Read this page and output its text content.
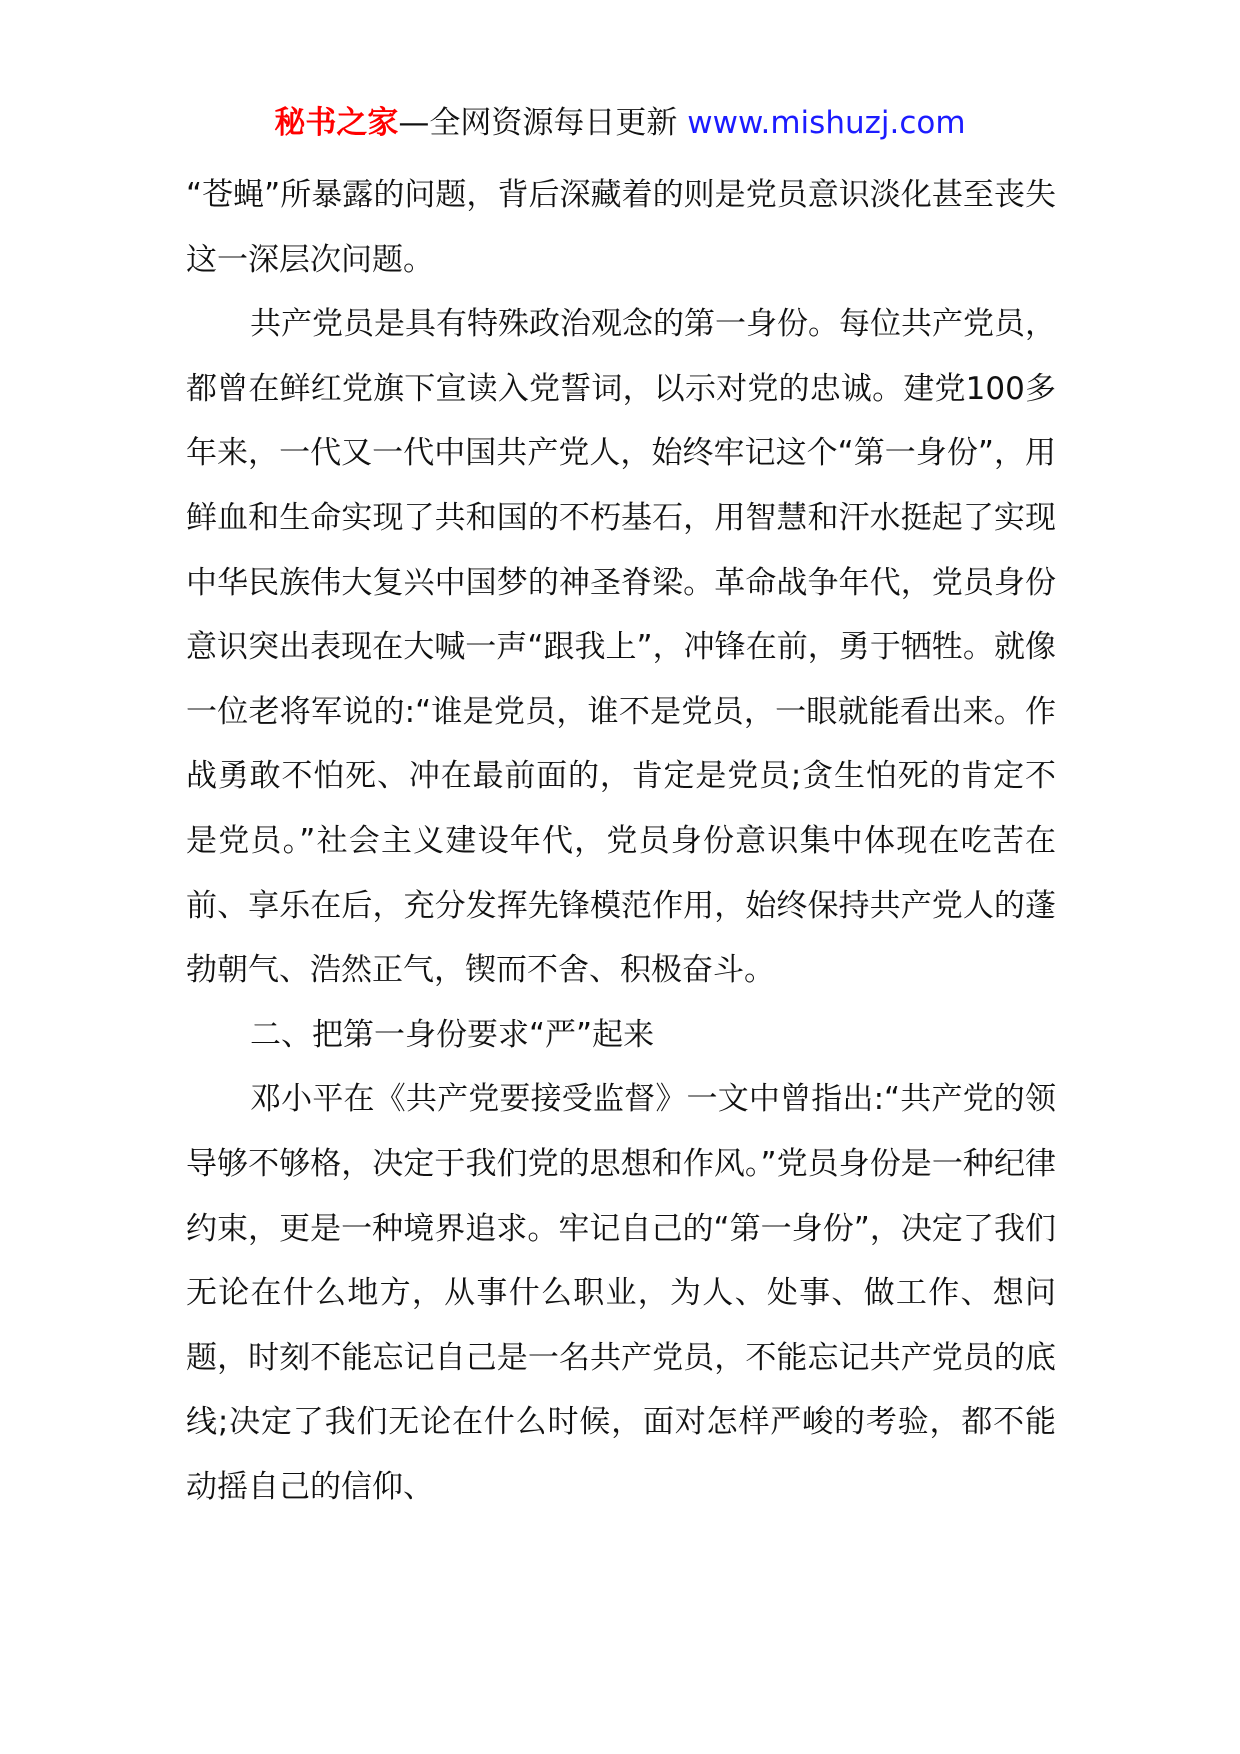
秘书之家—全网资源每日更新 www.mishuzj.com

“苍蝇”所暴露的问题，背后深藏着的则是党员意识淡化甚至丧失这一深层次问题。

共产党员是具有特殊政治观念的第一身份。每位共产党员，都曾在鲜红党旗下宣读入党誓词，以示对党的忠诚。建党100多年来，一代又一代中国共产党人，始终牢记这个“第一身份”，用鲜血和生命实现了共和国的不朽基石，用智慧和汗水挺起了实现中华民族伟大复兴中国梦的神圣脊梁。革命战争年代，党员身份意识突出表现在大喊一声“跟我上”，冲锋在前，勇于牺牲。就像一位老将军说的:“谁是党员，谁不是党员，一眼就能看出来。作战勇敢不怕死、冲在最前面的，肯定是党员;贪生怕死的肯定不是党员。”社会主义建设年代，党员身份意识集中体现在吃苦在前、享乐在后，充分发挥先锋模范作用，始终保持共产党人的蓬勃朝气、浩然正气，锲而不舍、积极奋斗。

二、把第一身份要求“严”起来

邓小平在《共产党要接受监督》一文中曾指出:“共产党的领导够不够格，决定于我们党的思想和作风。”党员身份是一种纪律约束，更是一种境界追求。牢记自己的“第一身份”，决定了我们无论在什么地方，从事什么职业，为人、处事、做工作、想问题，时刻不能忘记自己是一名共产党员，不能忘记共产党员的底线;决定了我们无论在什么时候，面对怎样严峻的考验，都不能动摇自己的信仰、
